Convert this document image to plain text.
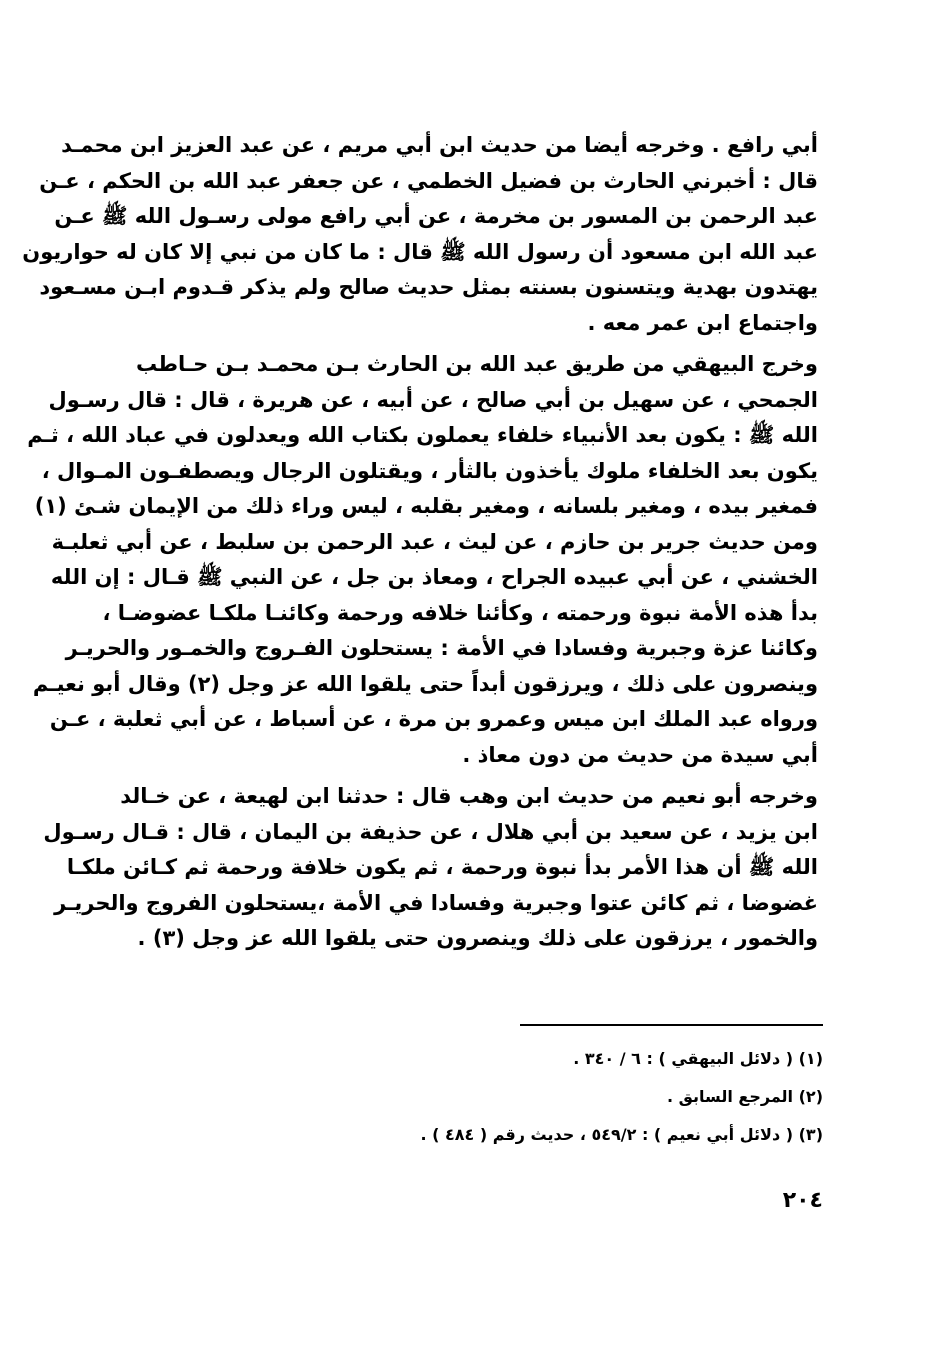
أبي رافع . وخرجه أيضا من حديث ابن أبي مريم ، عن عبد العزيز ابن محمـد
قال : أخبرني الحارث بن فضيل الخطمي ، عن جعفر عبد الله بن الحكم ، عـن
عبد الرحمن بن المسور بن مخرمة ، عن أبي رافع مولى رسـول الله ﷺ عـن
عبد الله ابن مسعود أن رسول الله ﷺ قال : ما كان من نبي إلا كان له حواريون
يهتدون بهدية ويتسنون بسنته بمثل حديث صالح ولم يذكر قـدوم ابـن مسـعود
واجتماع ابن عمر معه .
وخرج البيهقي من طريق عبد الله بن الحارث بـن محمـد بـن حـاطب
الجمحي ، عن سهيل بن أبي صالح ، عن أبيه ، عن هريرة ، قال : قال رسـول
الله ﷺ : يكون بعد الأنبياء خلفاء يعملون بكتاب الله ويعدلون في عباد الله ، ثـم
يكون بعد الخلفاء ملوك يأخذون بالثأر ، ويقتلون الرجال ويصطفـون المـوال ،
فمغير بيده ، ومغير بلسانه ، ومغير بقلبه ، ليس وراء ذلك من الإيمان شـئ (١)
ومن حديث جرير بن حازم ، عن ليث ، عبد الرحمن بن سلبط ، عن أبي ثعلبـة
الخشني ، عن أبي عبيده الجراح ، ومعاذ بن جل ، عن النبي ﷺ قـال : إن الله
بدأ هذه الأمة نبوة ورحمته ، وكأئنا خلافه ورحمة وكائنـا ملكـا عضوضـا ،
وكائنا عزة وجبرية وفسادا في الأمة : يستحلون الفـروج والخمـور والحريـر
وينصرون على ذلك ، ويرزقون أبداً حتى يلقوا الله عز وجل (٢) وقال أبو نعيـم
ورواه عبد الملك ابن ميس وعمرو بن مرة ، عن أسباط ، عن أبي ثعلبة ، عـن
أبي سيدة من حديث من دون معاذ .
وخرجه أبو نعيم من حديث ابن وهب قال : حدثنا ابن لهيعة ، عن خـالد
ابن يزيد ، عن سعيد بن أبي هلال ، عن حذيفة بن اليمان ، قال : قـال رسـول
الله ﷺ أن هذا الأمر بدأ نبوة ورحمة ، ثم يكون خلافة ورحمة ثم كـائن ملكـا
غضوضا ، ثم كائن عتوا وجبرية وفسادا في الأمة ،يستحلون الفروج والحريـر
والخمور ، يرزقون على ذلك وينصرون حتى يلقوا الله عز وجل (٣) .
(١) ( دلائل البيهقي ) : ٦ / ٣٤٠ .
(٢) المرجع السابق .
(٣) ( دلائل أبي نعيم ) : ٥٤٩/٢ ، حديث رقم ( ٤٨٤ ) .
٢٠٤
